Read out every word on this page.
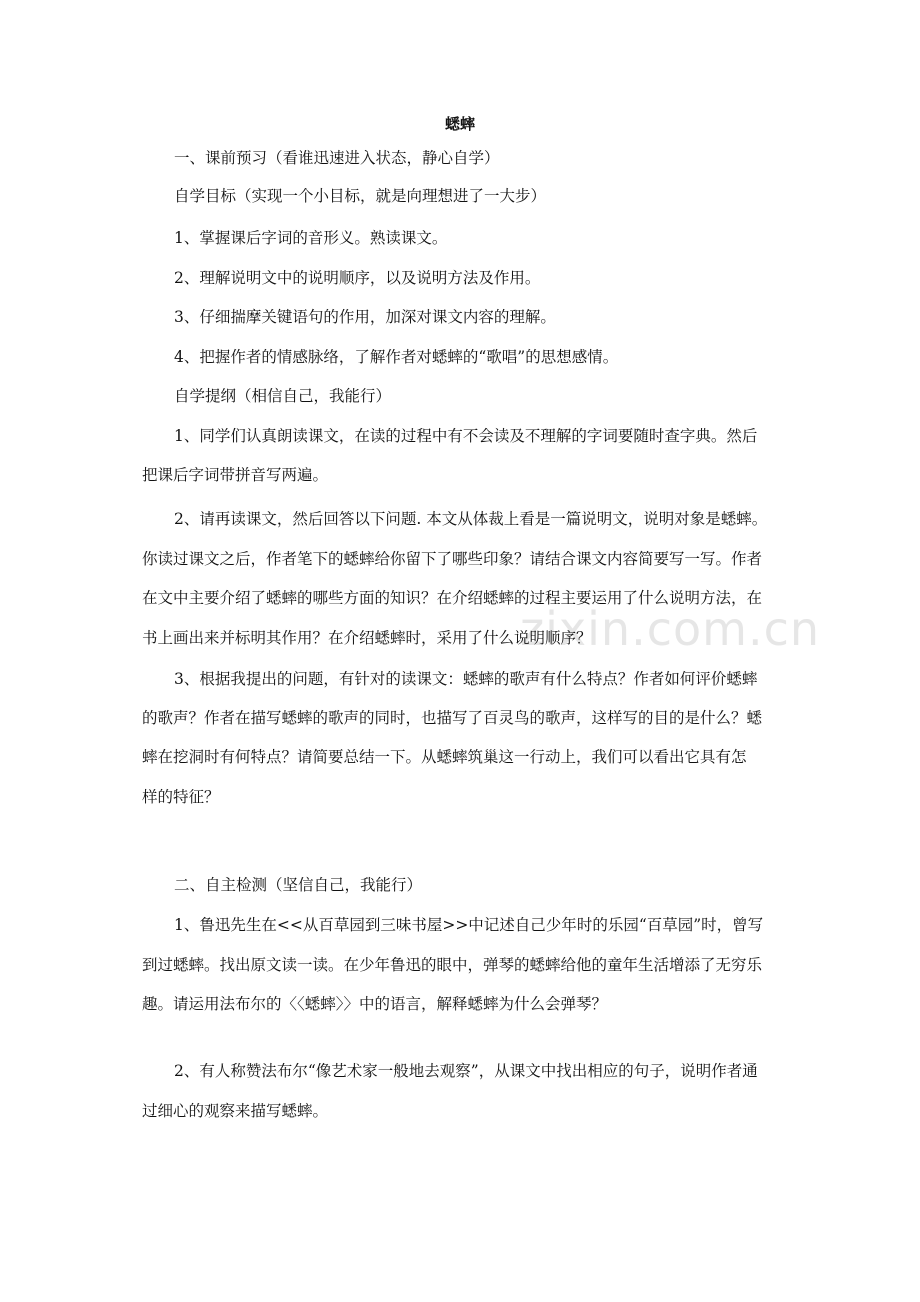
zixin.com.cn
蟋蟀
一、课前预习（看谁迅速进入状态，静心自学）
自学目标（实现一个小目标，就是向理想进了一大步）
1、掌握课后字词的音形义。熟读课文。
2、理解说明文中的说明顺序，以及说明方法及作用。
3、仔细揣摩关键语句的作用，加深对课文内容的理解。
4、把握作者的情感脉络，了解作者对蟋蟀的“歌唱”的思想感情。
自学提纲（相信自己，我能行）
1、同学们认真朗读课文，在读的过程中有不会读及不理解的字词要随时查字典。然后
把课后字词带拼音写两遍。
2、请再读课文，然后回答以下问题. 本文从体裁上看是一篇说明文，说明对象是蟋蟀。
你读过课文之后，作者笔下的蟋蟀给你留下了哪些印象？请结合课文内容简要写一写。作者
在文中主要介绍了蟋蟀的哪些方面的知识？在介绍蟋蟀的过程主要运用了什么说明方法，在
书上画出来并标明其作用？在介绍蟋蟀时，采用了什么说明顺序？
3、根据我提出的问题，有针对的读课文：蟋蟀的歌声有什么特点？作者如何评价蟋蟀
的歌声？作者在描写蟋蟀的歌声的同时，也描写了百灵鸟的歌声，这样写的目的是什么？蟋
蟀在挖洞时有何特点？请简要总结一下。从蟋蟀筑巢这一行动上，我们可以看出它具有怎
样的特征？
二、自主检测（坚信自己，我能行）
1、鲁迅先生在<<从百草园到三味书屋>>中记述自己少年时的乐园“百草园”时，曾写
到过蟋蟀。找出原文读一读。在少年鲁迅的眼中，弹琴的蟋蟀给他的童年生活增添了无穷乐
趣。请运用法布尔的〈〈蟋蟀〉〉中的语言，解释蟋蟀为什么会弹琴？
2、有人称赞法布尔“像艺术家一般地去观察”，从课文中找出相应的句子，说明作者通
过细心的观察来描写蟋蟀。
